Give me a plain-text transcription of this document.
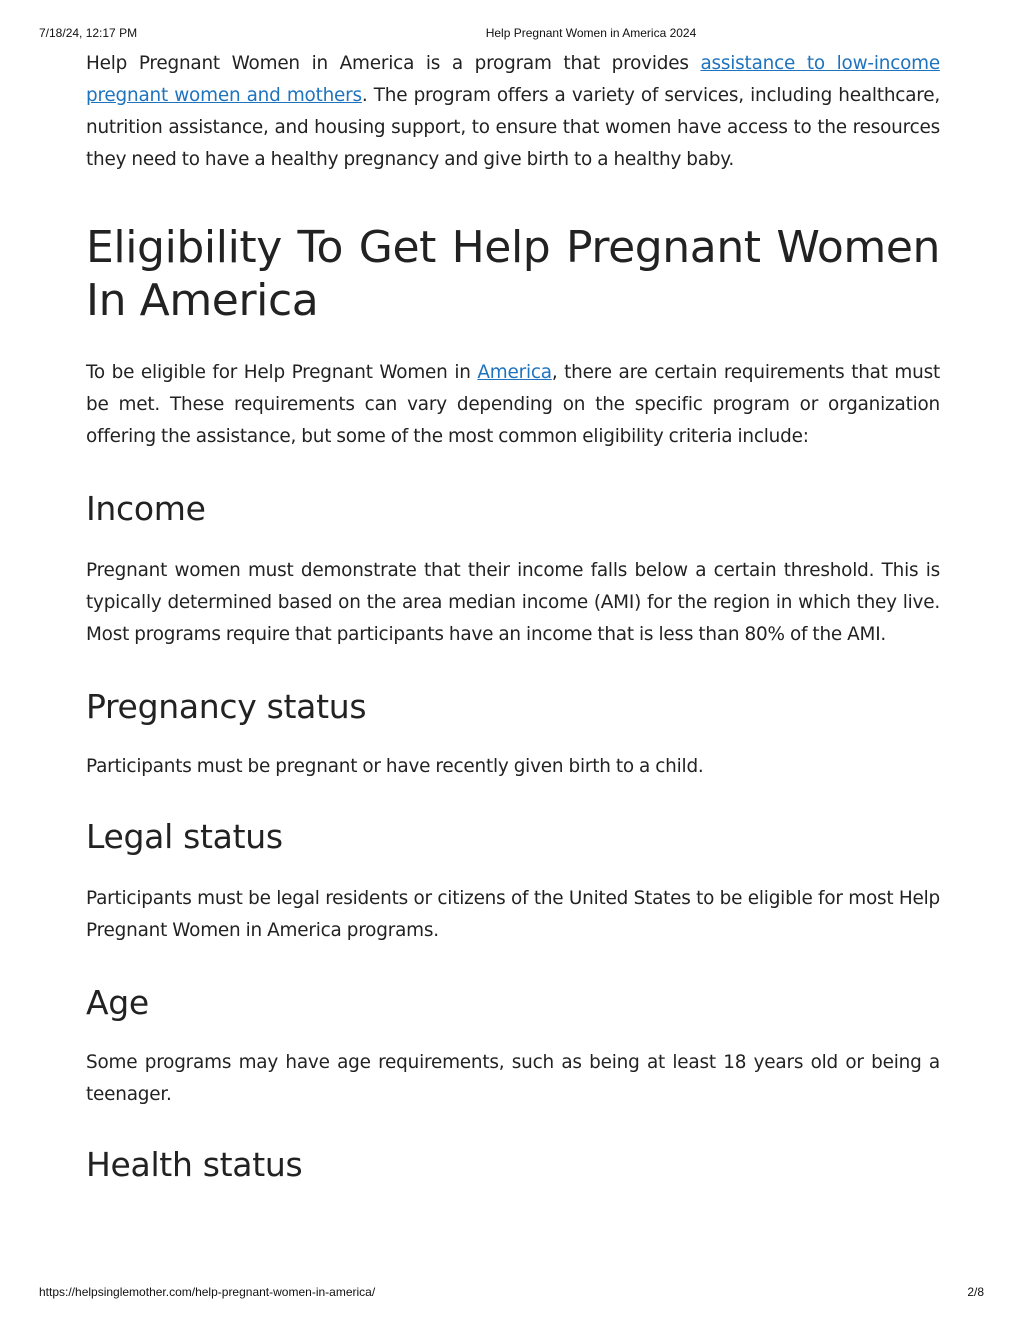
7/18/24, 12:17 PM	Help Pregnant Women in America 2024

Help Pregnant Women in America is a program that provides assistance to low-income pregnant women and mothers. The program offers a variety of services, including healthcare, nutrition assistance, and housing support, to ensure that women have access to the resources they need to have a healthy pregnancy and give birth to a healthy baby.

Eligibility To Get Help Pregnant Women In America

To be eligible for Help Pregnant Women in America, there are certain requirements that must be met. These requirements can vary depending on the specific program or organization offering the assistance, but some of the most common eligibility criteria include:

Income

Pregnant women must demonstrate that their income falls below a certain threshold. This is typically determined based on the area median income (AMI) for the region in which they live. Most programs require that participants have an income that is less than 80% of the AMI.

Pregnancy status

Participants must be pregnant or have recently given birth to a child.

Legal status

Participants must be legal residents or citizens of the United States to be eligible for most Help Pregnant Women in America programs.

Age

Some programs may have age requirements, such as being at least 18 years old or being a teenager.

Health status
https://helpsinglemother.com/help-pregnant-women-in-america/	2/8
